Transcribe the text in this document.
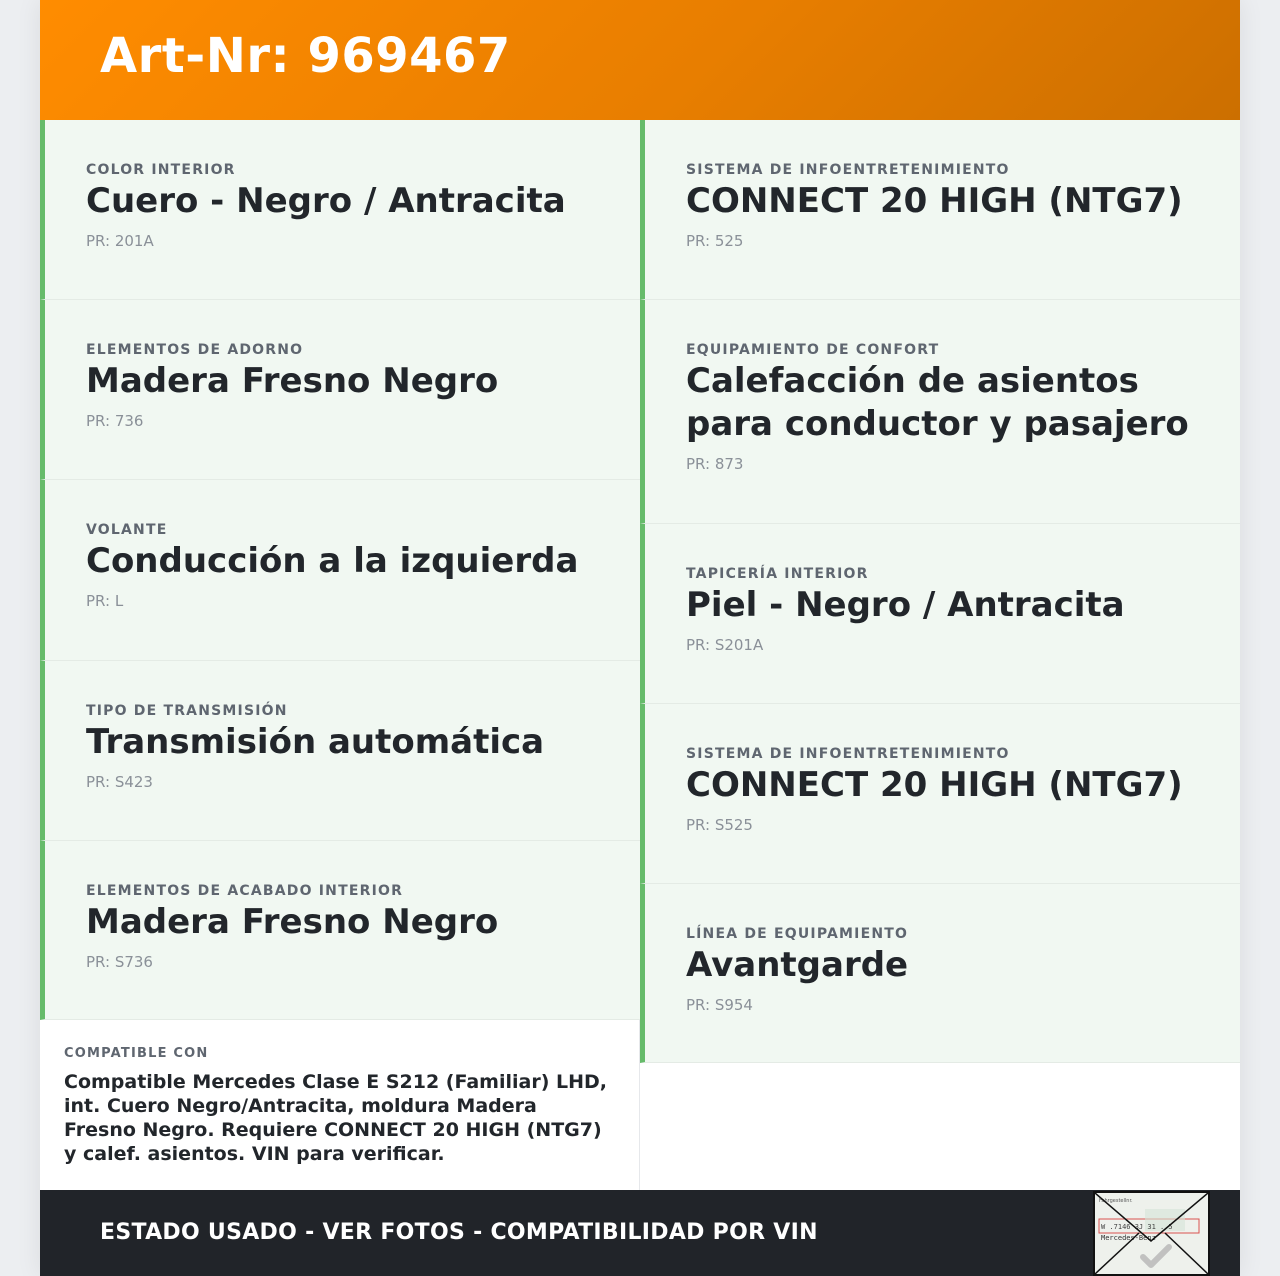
Art-Nr: 969467
COLOR INTERIOR
Cuero - Negro / Antracita
PR: 201A
ELEMENTOS DE ADORNO
Madera Fresno Negro
PR: 736
VOLANTE
Conducción a la izquierda
PR: L
TIPO DE TRANSMISIÓN
Transmisión automática
PR: S423
ELEMENTOS DE ACABADO INTERIOR
Madera Fresno Negro
PR: S736
SISTEMA DE INFOENTRETENIMIENTO
CONNECT 20 HIGH (NTG7)
PR: 525
EQUIPAMIENTO DE CONFORT
Calefacción de asientos para conductor y pasajero
PR: 873
TAPICERÍA INTERIOR
Piel - Negro / Antracita
PR: S201A
SISTEMA DE INFOENTRETENIMIENTO
CONNECT 20 HIGH (NTG7)
PR: S525
LÍNEA DE EQUIPAMIENTO
Avantgarde
PR: S954
COMPATIBLE CON
Compatible Mercedes Clase E S212 (Familiar) LHD, int. Cuero Negro/Antracita, moldura Madera Fresno Negro. Requiere CONNECT 20 HIGH (NTG7) y calef. asientos. VIN para verificar.
ESTADO USADO - VER FOTOS - COMPATIBILIDAD POR VIN
Fahrgestellnr.
W .7146 3J 31 . 5
Mercedes-Benz
